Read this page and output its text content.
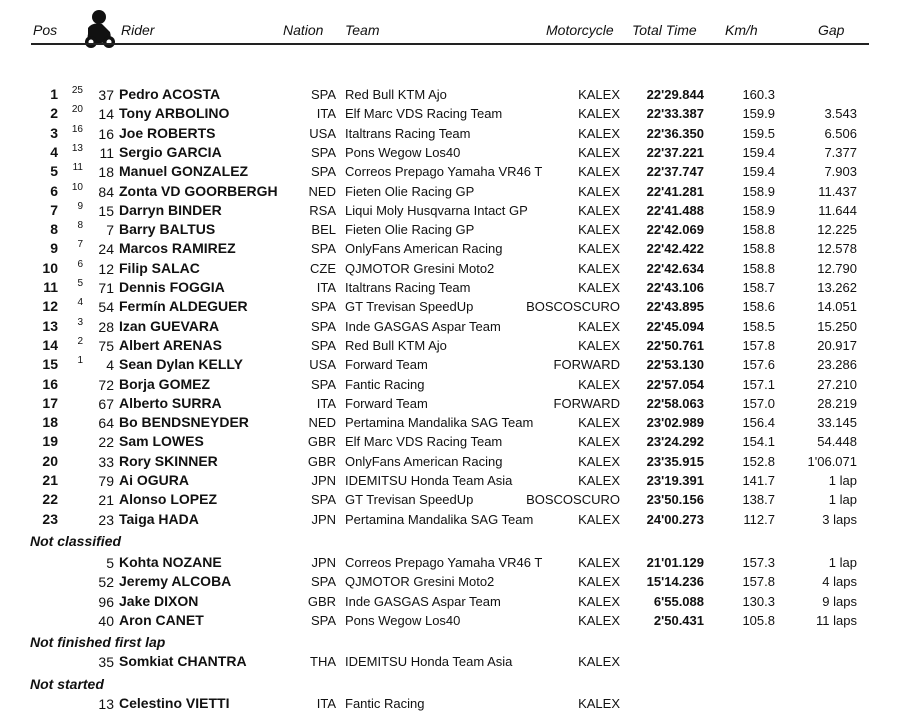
Pos	Rider	Nation Team	Motorcycle Total Time Km/h	Gap
1	25	37 Pedro ACOSTA	SPA Red Bull KTM Ajo	KALEX	22'29.844	160.3
2	20	14 Tony ARBOLINO	ITA Elf Marc VDS Racing Team	KALEX	22'33.387	159.9	3.543
3	16	16 Joe ROBERTS	USA Italtrans Racing Team	KALEX	22'36.350	159.5	6.506
4	13	11 Sergio GARCIA	SPA Pons Wegow Los40	KALEX	22'37.221	159.4	7.377
5	11	18 Manuel GONZALEZ	SPA Correos Prepago Yamaha VR46 T	KALEX	22'37.747	159.4	7.903
6	10	84 Zonta VD GOORBERGH	NED Fieten Olie Racing GP	KALEX	22'41.281	158.9	11.437
7	9	15 Darryn BINDER	RSA Liqui Moly Husqvarna Intact GP	KALEX	22'41.488	158.9	11.644
8	8	7 Barry BALTUS	BEL Fieten Olie Racing GP	KALEX	22'42.069	158.8	12.225
9	7	24 Marcos RAMIREZ	SPA OnlyFans American Racing	KALEX	22'42.422	158.8	12.578
10	6	12 Filip SALAC	CZE QJMOTOR Gresini Moto2	KALEX	22'42.634	158.8	12.790
11	5	71 Dennis FOGGIA	ITA Italtrans Racing Team	KALEX	22'43.106	158.7	13.262
12	4	54 Fermín ALDEGUER	SPA GT Trevisan SpeedUp	BOSCOSCURO	22'43.895	158.6	14.051
13	3	28 Izan GUEVARA	SPA Inde GASGAS Aspar Team	KALEX	22'45.094	158.5	15.250
14	2	75 Albert ARENAS	SPA Red Bull KTM Ajo	KALEX	22'50.761	157.8	20.917
15	1	4 Sean Dylan KELLY	USA Forward Team	FORWARD	22'53.130	157.6	23.286
16	72 Borja GOMEZ	SPA Fantic Racing	KALEX	22'57.054	157.1	27.210
17	67 Alberto SURRA	ITA Forward Team	FORWARD	22'58.063	157.0	28.219
18	64 Bo BENDSNEYDER	NED Pertamina Mandalika SAG Team	KALEX	23'02.989	156.4	33.145
19	22 Sam LOWES	GBR Elf Marc VDS Racing Team	KALEX	23'24.292	154.1	54.448
20	33 Rory SKINNER	GBR OnlyFans American Racing	KALEX	23'35.915	152.8	1'06.071
21	79 Ai OGURA	JPN IDEMITSU Honda Team Asia	KALEX	23'19.391	141.7	1 lap
22	21 Alonso LOPEZ	SPA GT Trevisan SpeedUp	BOSCOSCURO	23'50.156	138.7	1 lap
23	23 Taiga HADA	JPN Pertamina Mandalika SAG Team	KALEX	24'00.273	112.7	3 laps
Not classified
5 Kohta NOZANE	JPN Correos Prepago Yamaha VR46 T	KALEX	21'01.129	157.3	1 lap
52 Jeremy ALCOBA	SPA QJMOTOR Gresini Moto2	KALEX	15'14.236	157.8	4 laps
96 Jake DIXON	GBR Inde GASGAS Aspar Team	KALEX	6'55.088	130.3	9 laps
40 Aron CANET	SPA Pons Wegow Los40	KALEX	2'50.431	105.8	11 laps
Not finished first lap
35 Somkiat CHANTRA	THA IDEMITSU Honda Team Asia	KALEX
Not started
13 Celestino VIETTI	ITA Fantic Racing	KALEX
